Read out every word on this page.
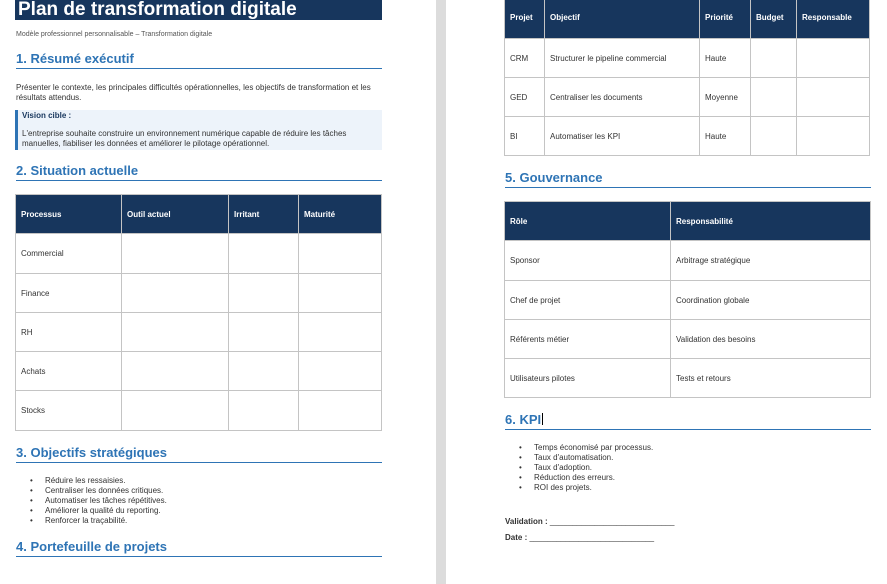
Plan de transformation digitale
Modèle professionnel personnalisable – Transformation digitale
1. Résumé exécutif
Présenter le contexte, les principales difficultés opérationnelles, les objectifs de transformation et les résultats attendus.
Vision cible :
L'entreprise souhaite construire un environnement numérique capable de réduire les tâches manuelles, fiabiliser les données et améliorer le pilotage opérationnel.
2. Situation actuelle
Processus	Outil actuel	Irritant	Maturité
Commercial			
Finance			
RH			
Achats			
Stocks			
3. Objectifs stratégiques
• Réduire les ressaisies.
• Centraliser les données critiques.
• Automatiser les tâches répétitives.
• Améliorer la qualité du reporting.
• Renforcer la traçabilité.
4. Portefeuille de projets
Projet	Objectif	Priorité	Budget	Responsable
CRM	Structurer le pipeline commercial	Haute		
GED	Centraliser les documents	Moyenne		
BI	Automatiser les KPI	Haute		
5. Gouvernance
Rôle	Responsabilité
Sponsor	Arbitrage stratégique
Chef de projet	Coordination globale
Référents métier	Validation des besoins
Utilisateurs pilotes	Tests et retours
6. KPI
• Temps économisé par processus.
• Taux d'automatisation.
• Taux d'adoption.
• Réduction des erreurs.
• ROI des projets.
Validation : ____________________________
Date : ____________________________
